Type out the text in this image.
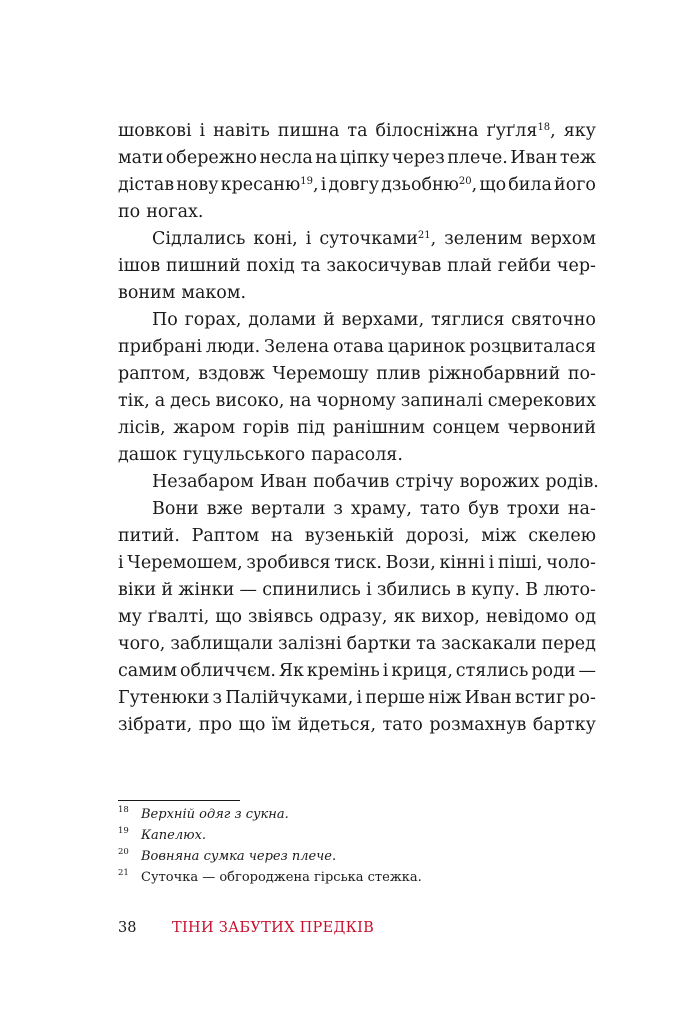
шовкові і навіть пишна та білосніжна ґуґля$^{18}$, яку
мати обережно несла на ціпку через плече. Иван теж
дістав нову кресаню$^{19}$, і довгу дзьобню$^{20}$, що била його
по ногах.
Сідлались коні, і суточками$^{21}$, зеленим верхом
ішов пишний похід та закосичував плай гейби чер-
воним маком.
По горах, долами й верхами, тяглися святочно
прибрані люди. Зелена отава царинок розцвиталася
раптом, вздовж Черемошу плив ріжнобарвний по-
тік, а десь високо, на чорному запиналі смерекових
лісів, жаром горів під ранішним сонцем червоний
дашок гуцульського парасоля.
Незабаром Иван побачив стрічу ворожих родів.
Вони вже вертали з храму, тато був трохи на-
питий. Раптом на вузенькій дорозі, між скелею
і Черемошем, зробився тиск. Вози, кінні і піші, чоло-
віки й жінки — спинились і збились в купу. В люто-
му ґвалті, що звіявсь одразу, як вихор, невідомо од
чого, заблищали залізні бартки та заскакали перед
самим обличчєм. Як кремінь і криця, стялись роди —
Гутенюки з Палійчуками, і перше ніж Иван встиг ро-
зібрати, про що їм йдеться, тато розмахнув бартку
18 Верхній одяг з сукна.
19 Капелюх.
20 Вовняна сумка через плече.
21 Суточка — обгороджена гірська стежка.
38	ТІНИ ЗАБУТИХ ПРЕДКІВ
